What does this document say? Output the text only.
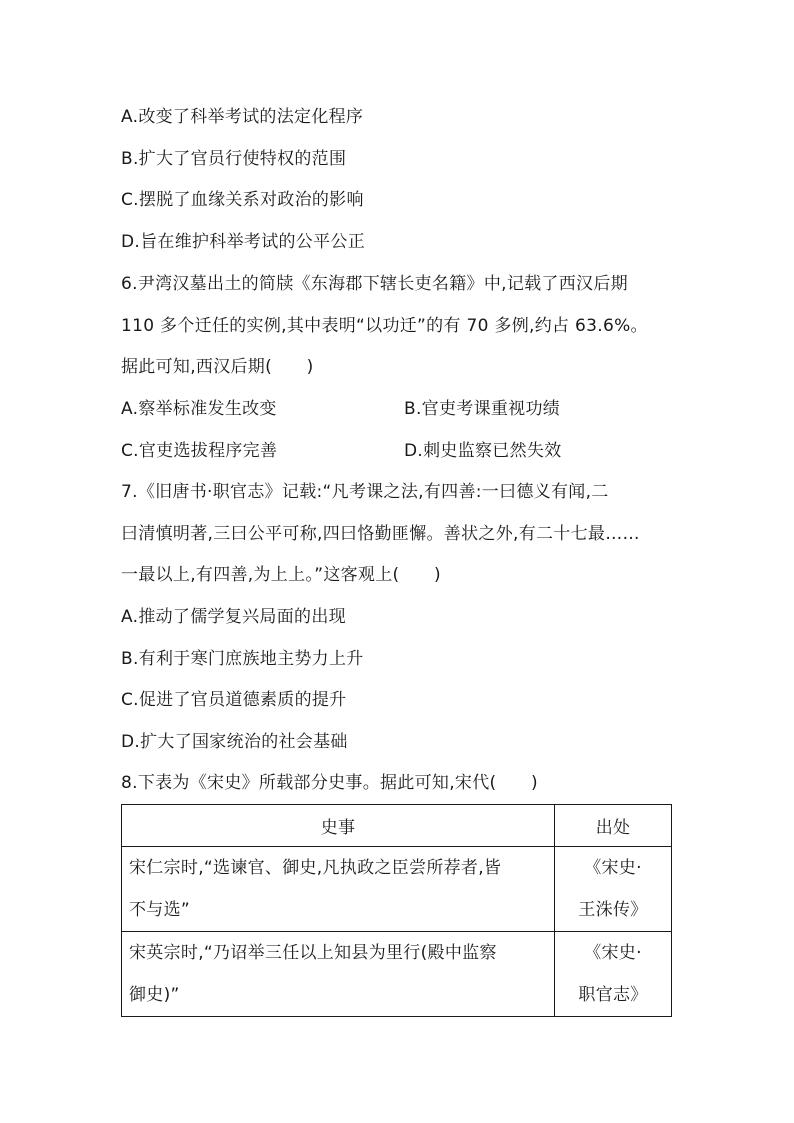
A.改变了科举考试的法定化程序
B.扩大了官员行使特权的范围
C.摆脱了血缘关系对政治的影响
D.旨在维护科举考试的公平公正
6.尹湾汉墓出土的简牍《东海郡下辖长吏名籍》中,记载了西汉后期
110 多个迁任的实例,其中表明“以功迁”的有 70 多例,约占 63.6%。
据此可知,西汉后期(　　)
A.察举标准发生改变	B.官吏考课重视功绩
C.官吏选拔程序完善	D.刺史监察已然失效
7.《旧唐书·职官志》记载:“凡考课之法,有四善:一曰德义有闻,二
曰清慎明著,三曰公平可称,四曰恪勤匪懈。善状之外,有二十七最……
一最以上,有四善,为上上。”这客观上(　　)
A.推动了儒学复兴局面的出现
B.有利于寒门庶族地主势力上升
C.促进了官员道德素质的提升
D.扩大了国家统治的社会基础
8.下表为《宋史》所载部分史事。据此可知,宋代(　　)
史事	出处

宋仁宗时,“选谏官、御史,凡执政之臣尝所荐者,皆
不与选”	《宋史·
王洙传》

宋英宗时,“乃诏举三任以上知县为里行(殿中监察
御史)”	《宋史·
职官志》
